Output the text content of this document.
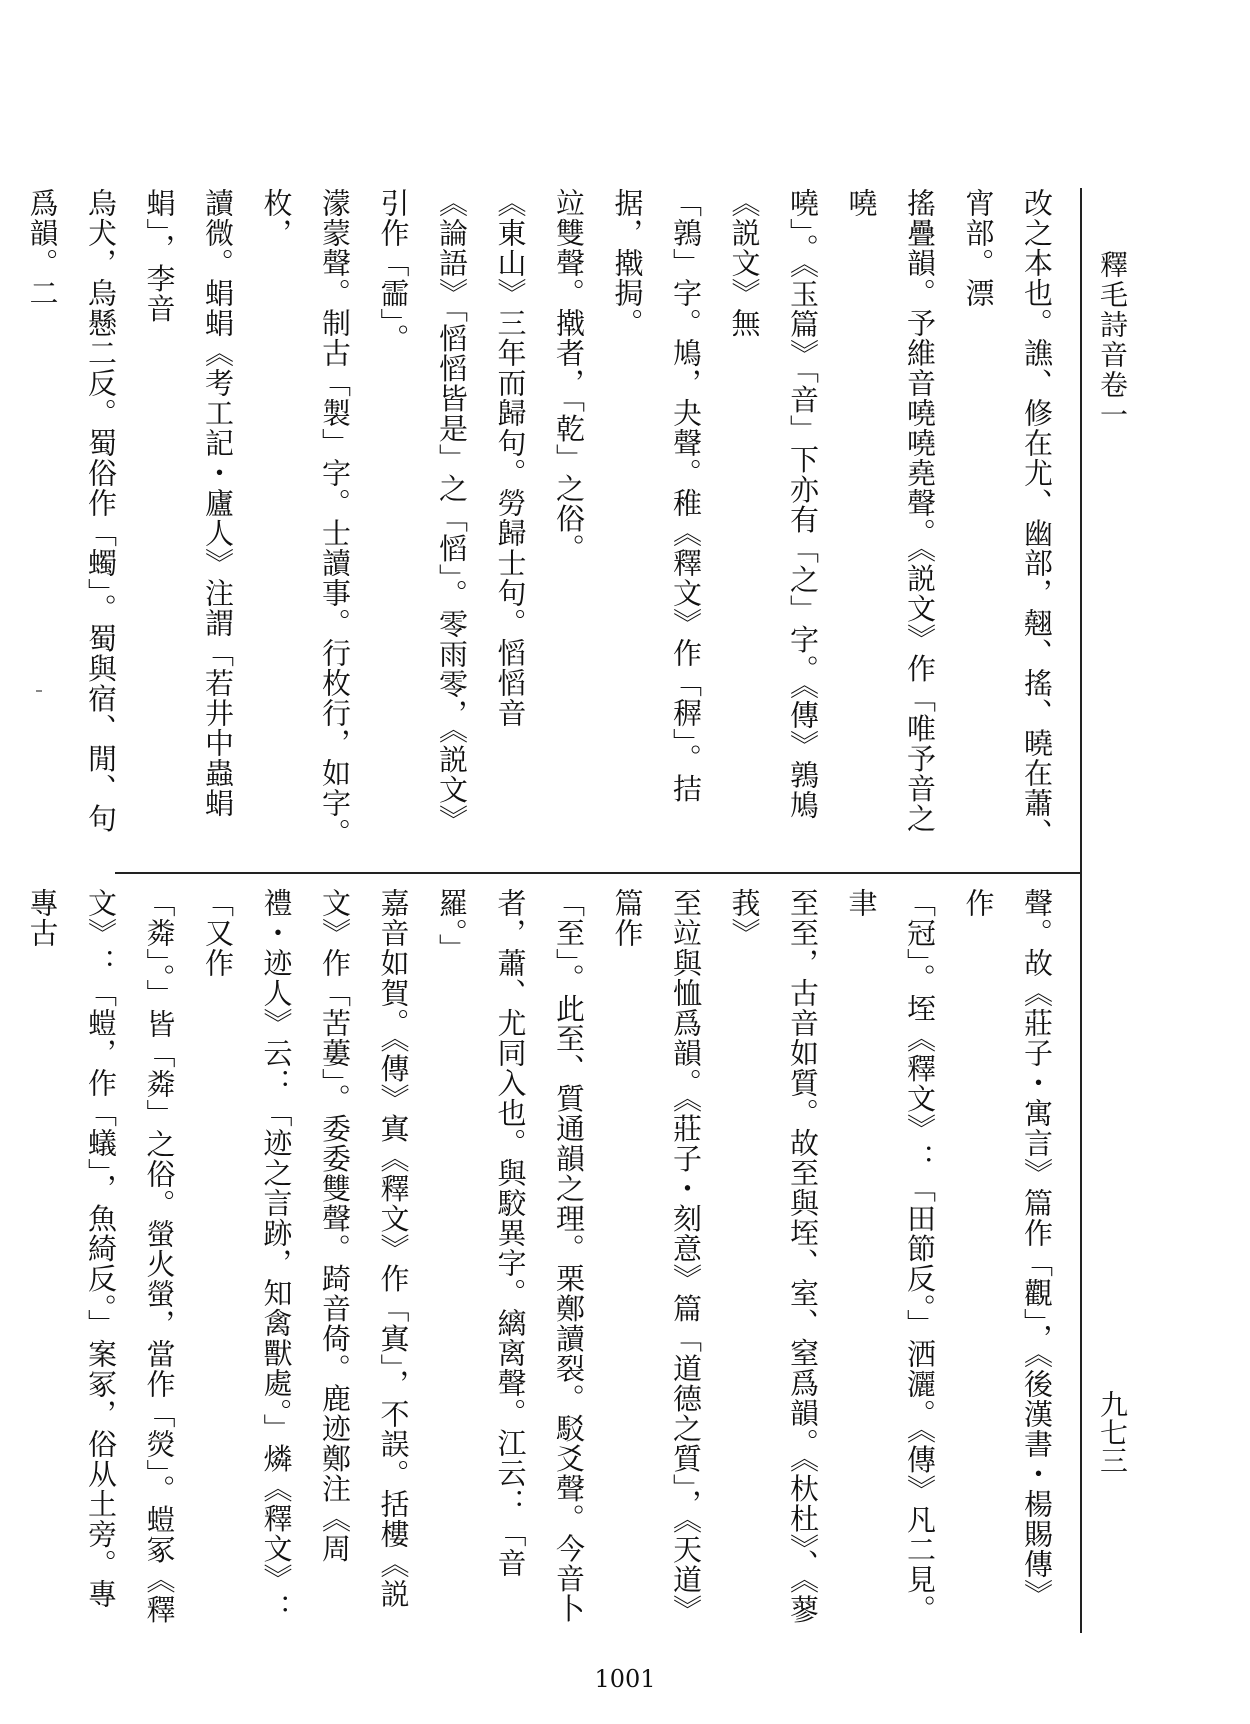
釋毛詩音卷一
九七三
改之本也。譙、修在尤、幽部，翹、搖、曉在蕭、宵部。漂
搖疊韻。予維音嘵嘵堯聲。《説文》作「唯予音之嘵
嘵」。《玉篇》「音」下亦有「之」字。《傳》鶉鳩《説文》無
「鶉」字。鳩，夬聲。稚《釋文》作「稺」。拮据，撠挶。
竝雙聲。撠者，「乾」之俗。
《東山》三年而歸句。勞歸士句。慆慆音
《論語》「慆慆皆是」之「慆」。零雨零，《説文》引作「霝」。
濛蒙聲。制古「製」字。士讀事。行枚行，如字。枚，
讀微。蜎蜎《考工記・廬人》注謂「若井中蟲蜎蜎」，李音
烏犬，烏懸二反。蜀俗作「蠋」。蜀與宿、閒、句爲韻。二
聲。故《莊子・寓言》篇作「觀」，《後漢書・楊賜傳》作
「冠」。垤《釋文》：「田節反。」洒灑。《傳》凡二見。聿
至至，古音如質。故至與垤、室、窒爲韻。《杕杜》、《蓼莪》
至竝與恤爲韻。《莊子・刻意》篇「道德之質」，《天道》篇作
「至」。此至、質通韻之理。栗鄭讀裂。駁爻聲。今音卜
者，蕭、尤同入也。與駮異字。縭离聲。江云：「音羅。」
嘉音如賀。《傳》寘《釋文》作「寘」，不誤。括樓《説
文》作「苦蔞」。委委雙聲。踦音倚。鹿迹鄭注《周
禮・迹人》云：「迹之言跡，知禽獸處。」燐《釋文》：「又作
「粦」。」皆「粦」之俗。螢火螢，當作「熒」。螘冢《釋
文》：「螘，作「蟻」，魚綺反。」案冢，俗从土旁。專專古
1001
